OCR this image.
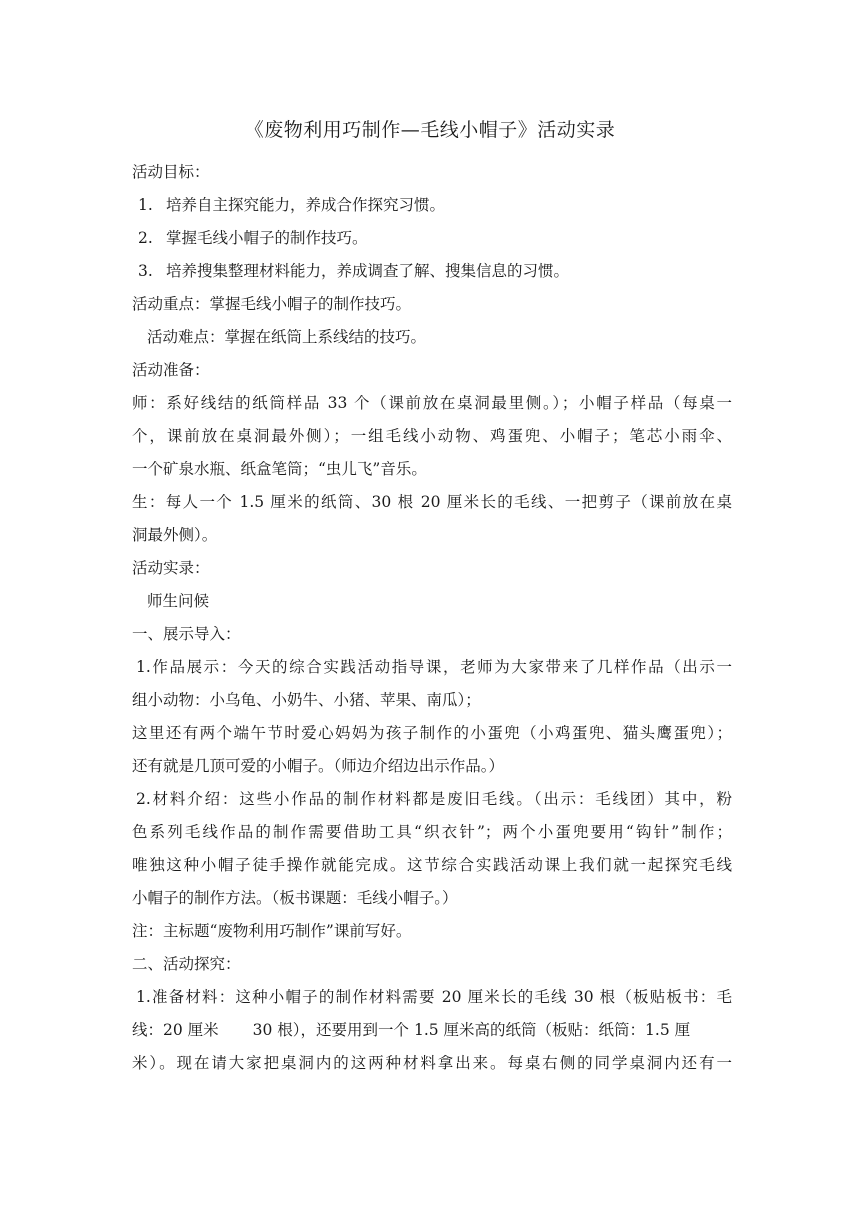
《废物利用巧制作—毛线小帽子》活动实录
活动目标：
1. 培养自主探究能力，养成合作探究习惯。
2. 掌握毛线小帽子的制作技巧。
3. 培养搜集整理材料能力，养成调查了解、搜集信息的习惯。
活动重点：掌握毛线小帽子的制作技巧。
活动难点：掌握在纸筒上系线结的技巧。
活动准备：
师：系好线结的纸筒样品 33 个（课前放在桌洞最里侧。）；小帽子样品（每桌一
个，课前放在桌洞最外侧）；一组毛线小动物、鸡蛋兜、小帽子；笔芯小雨伞、
一个矿泉水瓶、纸盒笔筒；“虫儿飞”音乐。
生：每人一个 1.5 厘米的纸筒、30 根 20 厘米长的毛线、一把剪子（课前放在桌
洞最外侧）。
活动实录：
师生问候
一、展示导入：
1.作品展示：今天的综合实践活动指导课，老师为大家带来了几样作品（出示一
组小动物：小乌龟、小奶牛、小猪、苹果、南瓜）；
这里还有两个端午节时爱心妈妈为孩子制作的小蛋兜（小鸡蛋兜、猫头鹰蛋兜）；
还有就是几顶可爱的小帽子。（师边介绍边出示作品。）
2.材料介绍：这些小作品的制作材料都是废旧毛线。（出示：毛线团）其中，粉
色系列毛线作品的制作需要借助工具“织衣针”；两个小蛋兜要用“钩针”制作；
唯独这种小帽子徒手操作就能完成。这节综合实践活动课上我们就一起探究毛线
小帽子的制作方法。（板书课题：毛线小帽子。）
注：主标题“废物利用巧制作”课前写好。
二、活动探究：
1.准备材料：这种小帽子的制作材料需要 20 厘米长的毛线 30 根（板贴板书：毛
线：20 厘米 30 根），还要用到一个 1.5 厘米高的纸筒（板贴：纸筒：1.5 厘
米）。现在请大家把桌洞内的这两种材料拿出来。每桌右侧的同学桌洞内还有一
